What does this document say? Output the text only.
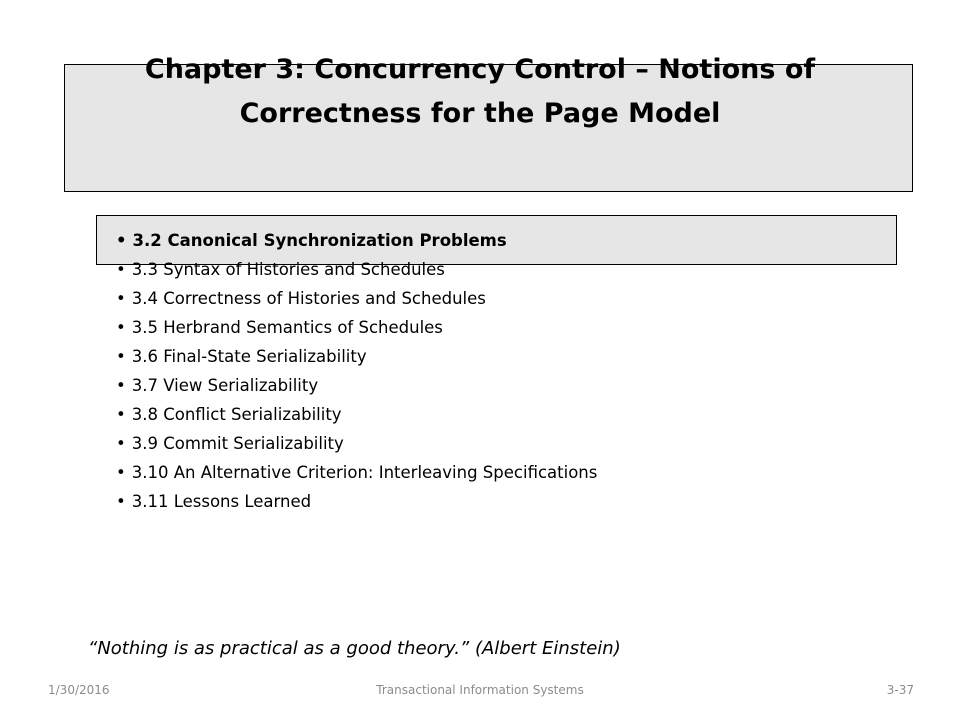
Chapter 3: Concurrency Control – Notions of
Correctness for the Page Model
• 3.2 Canonical Synchronization Problems
• 3.3 Syntax of Histories and Schedules
• 3.4 Correctness of Histories and Schedules
• 3.5 Herbrand Semantics of Schedules
• 3.6 Final-State Serializability
• 3.7 View Serializability
• 3.8 Conflict Serializability
• 3.9 Commit Serializability
• 3.10 An Alternative Criterion: Interleaving Specifications
• 3.11 Lessons Learned

“Nothing is as practical as a good theory.” (Albert Einstein)

1/30/2016	Transactional Information Systems	3-37
